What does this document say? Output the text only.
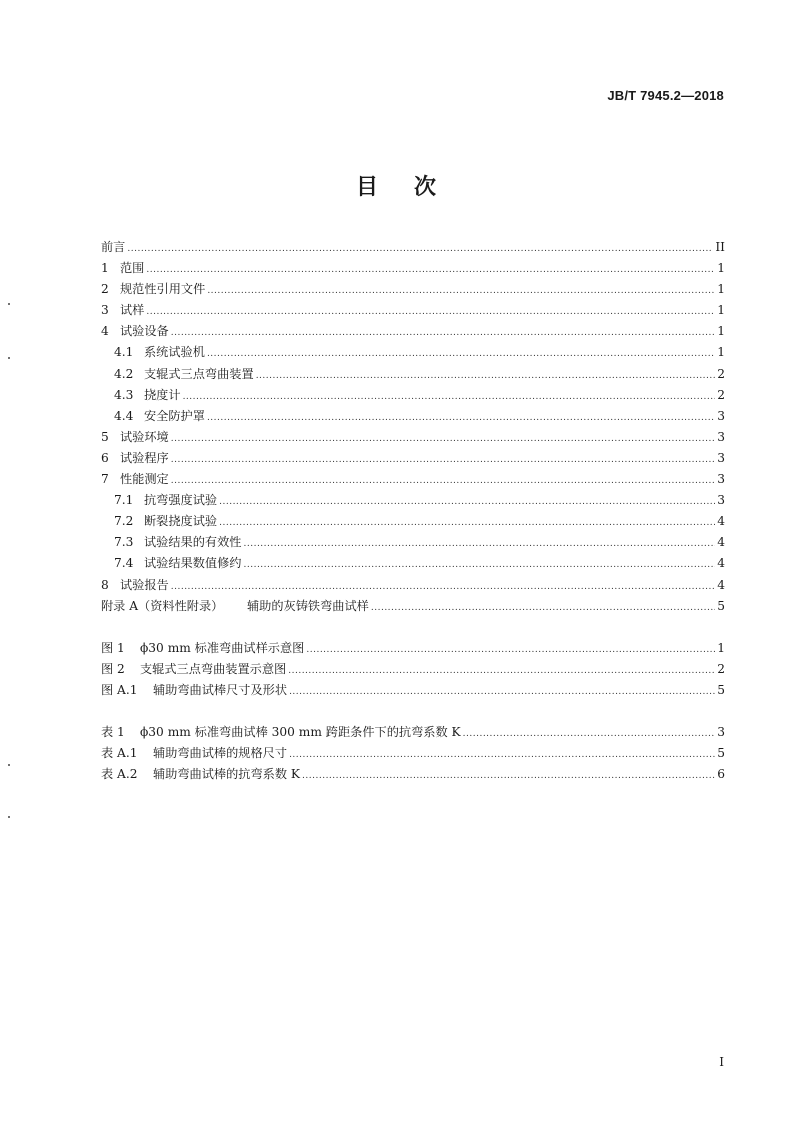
JB/T 7945.2—2018
目次
前言 .....	II
1 范围 .....	1
2 规范性引用文件 .....	1
3 试样 .....	1
4 试验设备 .....	1
4.1 系统试验机 .....	1
4.2 支辊式三点弯曲装置 .....	2
4.3 挠度计 .....	2
4.4 安全防护罩 .....	3
5 试验环境 .....	3
6 试验程序 .....	3
7 性能测定 .....	3
7.1 抗弯强度试验 .....	3
7.2 断裂挠度试验 .....	4
7.3 试验结果的有效性 .....	4
7.4 试验结果数值修约 .....	4
8 试验报告 .....	4
附录 A（资料性附录）	辅助的灰铸铁弯曲试样 .....	5
图 1	ϕ30 mm 标准弯曲试样示意图 .....	1
图 2	支辊式三点弯曲装置示意图 .....	2
图 A.1	辅助弯曲试棒尺寸及形状 .....	5
表 1	ϕ30 mm 标准弯曲试棒 300 mm 跨距条件下的抗弯系数 K .....	3
表 A.1	辅助弯曲试棒的规格尺寸 .....	5
表 A.2	辅助弯曲试棒的抗弯系数 K .....	6
I
